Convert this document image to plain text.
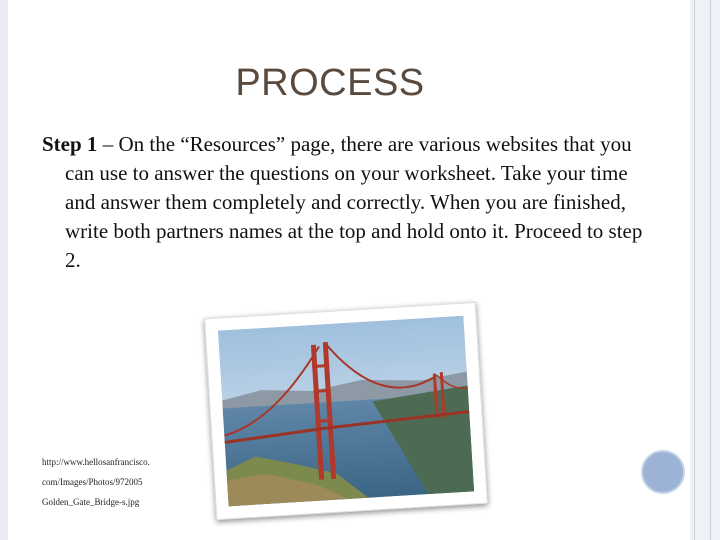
PROCESS
Step 1 – On the “Resources” page, there are various websites that you can use to answer the questions on your worksheet. Take your time and answer them completely and correctly. When you are finished, write both partners names at the top and hold onto it. Proceed to step 2.
http://www.hellosanfrancisco.
com/Images/Photos/972005
Golden_Gate_Bridge-s.jpg
